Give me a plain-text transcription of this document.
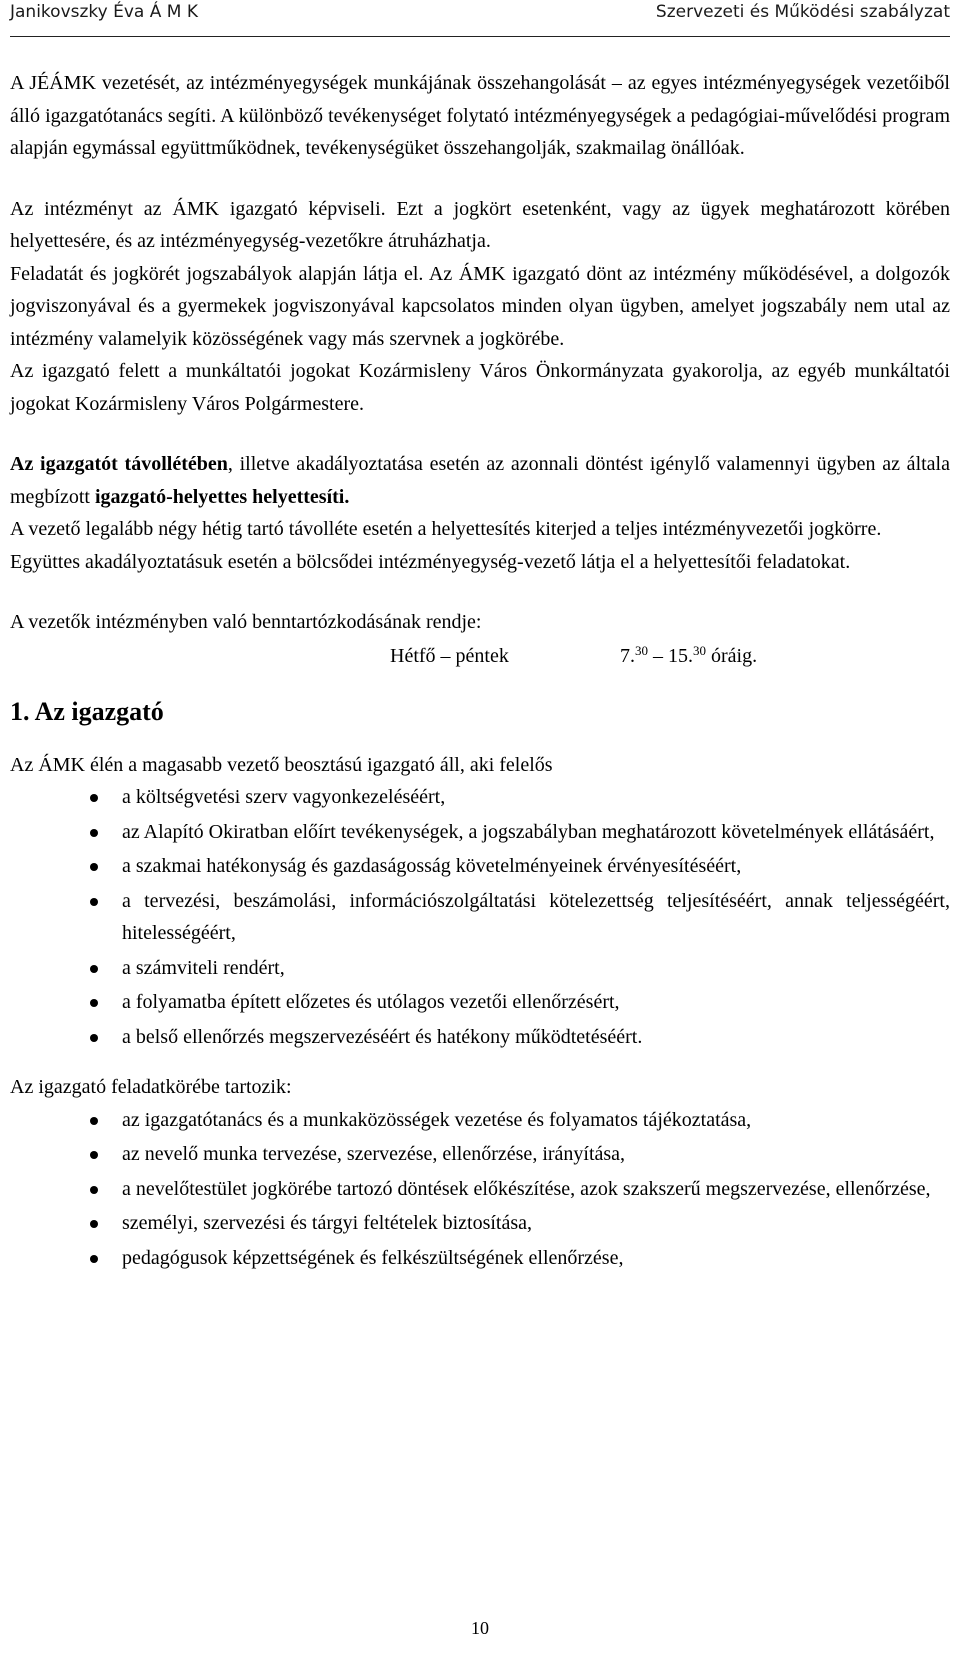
Janikovszky Éva Á M K	Szervezeti és Működési szabályzat

A JÉÁMK vezetését, az intézményegységek munkájának összehangolását – az egyes intézményegységek vezetőiből álló igazgatótanács segíti. A különböző tevékenységet folytató intézményegységek a pedagógiai-művelődési program alapján egymással együttműködnek, tevékenységüket összehangolják, szakmailag önállóak.

Az intézményt az ÁMK igazgató képviseli. Ezt a jogkört esetenként, vagy az ügyek meghatározott körében helyettesére, és az intézményegység-vezetőkre átruházhatja.

Feladatát és jogkörét jogszabályok alapján látja el. Az ÁMK igazgató dönt az intézmény működésével, a dolgozók jogviszonyával és a gyermekek jogviszonyával kapcsolatos minden olyan ügyben, amelyet jogszabály nem utal az intézmény valamelyik közösségének vagy más szervnek a jogkörébe.

Az igazgató felett a munkáltatói jogokat Kozármisleny Város Önkormányzata gyakorolja, az egyéb munkáltatói jogokat Kozármisleny Város Polgármestere.

Az igazgatót távollétében, illetve akadályoztatása esetén az azonnali döntést igénylő valamennyi ügyben az általa megbízott igazgató-helyettes helyettesíti.

A vezető legalább négy hétig tartó távolléte esetén a helyettesítés kiterjed a teljes intézményvezetői jogkörre.

Együttes akadályoztatásuk esetén a bölcsődei intézményegység-vezető látja el a helyettesítői feladatokat.

A vezetők intézményben való benntartózkodásának rendje:

Hétfő – péntek	7.30 – 15.30 óráig.
1. Az igazgató

Az ÁMK élén a magasabb vezető beosztású igazgató áll, aki felelős

a költségvetési szerv vagyonkezeléséért,
az Alapító Okiratban előírt tevékenységek, a jogszabályban meghatározott követelmények ellátásáért,
a szakmai hatékonyság és gazdaságosság követelményeinek érvényesítéséért,
a tervezési, beszámolási, információszolgáltatási kötelezettség teljesítéséért, annak teljességéért, hitelességéért,
a számviteli rendért,
a folyamatba épített előzetes és utólagos vezetői ellenőrzésért,
a belső ellenőrzés megszervezéséért és hatékony működtetéséért.

Az igazgató feladatkörébe tartozik:

az igazgatótanács és a munkaközösségek vezetése és folyamatos tájékoztatása,
az nevelő munka tervezése, szervezése, ellenőrzése, irányítása,
a nevelőtestület jogkörébe tartozó döntések előkészítése, azok szakszerű megszervezése, ellenőrzése,
személyi, szervezési és tárgyi feltételek biztosítása,
pedagógusok képzettségének és felkészültségének ellenőrzése,
10
